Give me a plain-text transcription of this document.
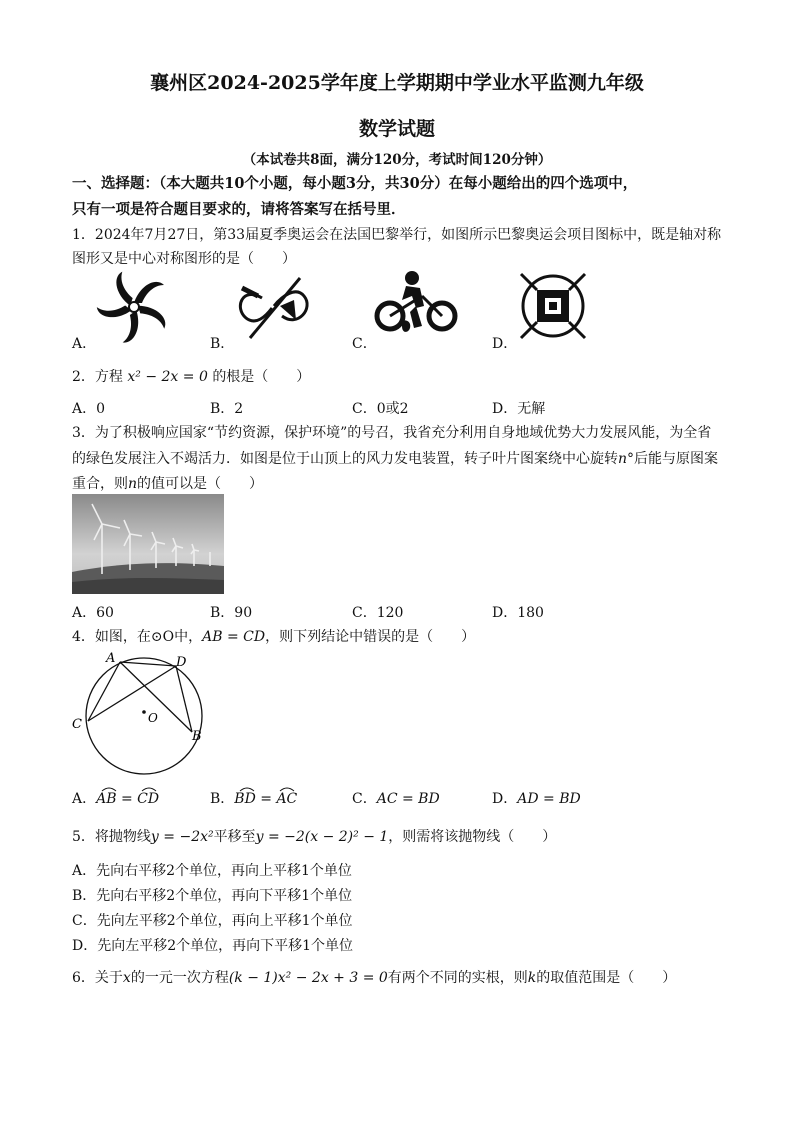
襄州区2024-2025学年度上学期期中学业水平监测九年级
数学试题
（本试卷共8面，满分120分，考试时间120分钟）
一、选择题：（本大题共10个小题，每小题3分，共30分）在每小题给出的四个选项中，
只有一项是符合题目要求的，请将答案写在括号里．
1．2024年7月27日，第33届夏季奥运会在法国巴黎举行，如图所示巴黎奥运会项目图标中，既是轴对称
图形又是中心对称图形的是（　　）
A．	B．	C．	D．
2．方程 x² − 2x = 0 的根是（　　）
A．0	B．2	C．0或2	D．无解
3．为了积极响应国家“节约资源，保护环境”的号召，我省充分利用自身地域优势大力发展风能，为全省
的绿色发展注入不竭活力．如图是位于山顶上的风力发电装置，转子叶片图案绕中心旋转n°后能与原图案
重合，则n的值可以是（　　）
A．60	B．90	C．120	D．180
4．如图，在⊙O中，AB = CD，则下列结论中错误的是（　　）
A	D
C
B
O
A．AB = CD	B．BD = AC	C．AC = BD	D．AD = BD
5．将抛物线y = −2x²平移至y = −2(x − 2)² − 1，则需将该抛物线（　　）
A．先向右平移2个单位，再向上平移1个单位
B．先向右平移2个单位，再向下平移1个单位
C．先向左平移2个单位，再向上平移1个单位
D．先向左平移2个单位，再向下平移1个单位
6．关于x的一元一次方程(k − 1)x² − 2x + 3 = 0有两个不同的实根，则k的取值范围是（　　）
